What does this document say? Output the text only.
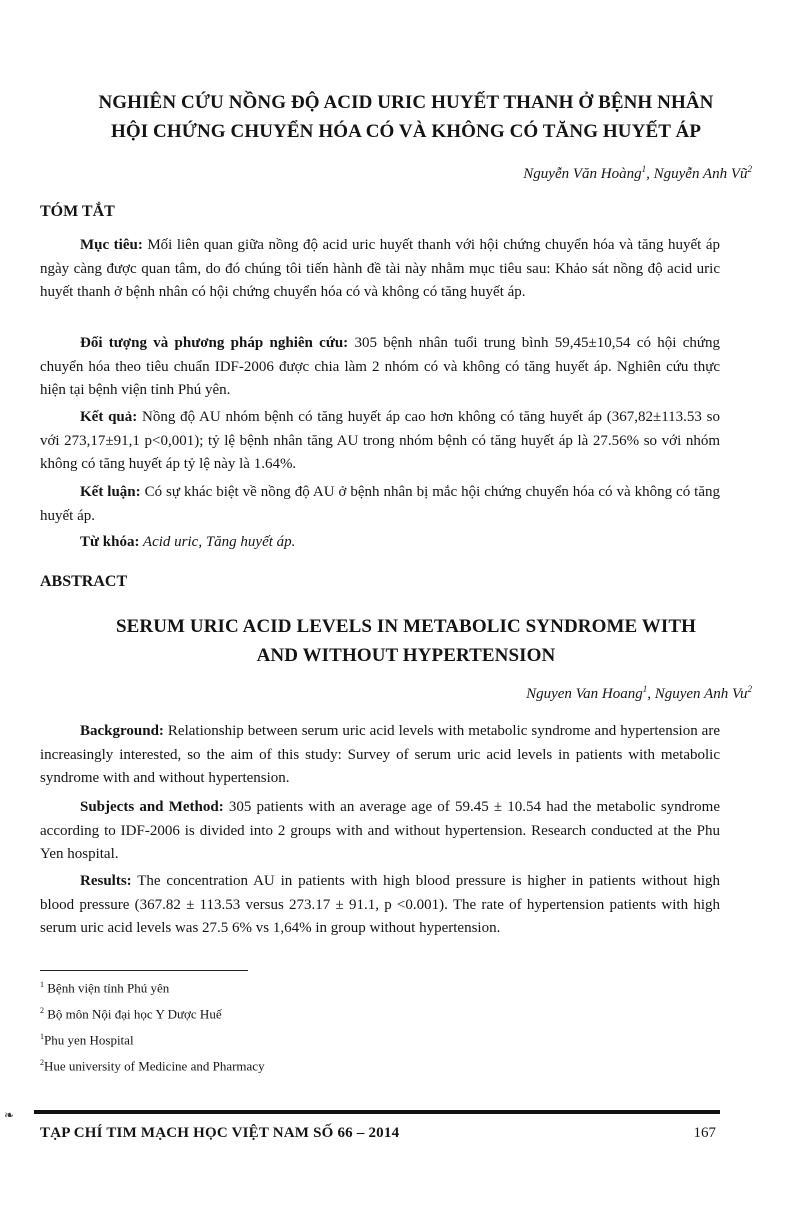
NGHIÊN CỨU NỒNG ĐỘ ACID URIC HUYẾT THANH Ở BỆNH NHÂN
HỘI CHỨNG CHUYỂN HÓA CÓ VÀ KHÔNG CÓ TĂNG HUYẾT ÁP
Nguyễn Văn Hoàng$^1$, Nguyễn Anh $Vũ^2$
TÓM TẮT
Mục tiêu: Mối liên quan giữa nồng độ acid uric huyết thanh với hội chứng chuyển hóa và tăng huyết áp ngày càng được quan tâm, do đó chúng tôi tiến hành đề tài này nhằm mục tiêu sau: Khảo sát nồng độ acid uric huyết thanh ở bệnh nhân có hội chứng chuyển hóa có và không có tăng huyết áp.
Đối tượng và phương pháp nghiên cứu: 305 bệnh nhân tuổi trung bình 59,45±10,54 có hội chứng chuyển hóa theo tiêu chuẩn IDF-2006 được chia làm 2 nhóm có và không có tăng huyết áp. Nghiên cứu thực hiện tại bệnh viện tỉnh Phú yên.
Kết quả: Nồng độ AU nhóm bệnh có tăng huyết áp cao hơn không có tăng huyết áp (367,82±113.53 so với 273,17±91,1 p<0,001); tỷ lệ bệnh nhân tăng AU trong nhóm bệnh có tăng huyết áp là 27.56% so với nhóm không có tăng huyết áp tỷ lệ này là 1.64%.
Kết luận: Có sự khác biệt về nồng độ AU ở bệnh nhân bị mắc hội chứng chuyển hóa có và không có tăng huyết áp.
Từ khóa: Acid uric, Tăng huyết áp.
ABSTRACT
SERUM URIC ACID LEVELS IN METABOLIC SYNDROME WITH
AND WITHOUT HYPERTENSION
Nguyen Van Hoang$^1$, Nguyen Anh Vu$^2$
Background: Relationship between serum uric acid levels with metabolic syndrome and hypertension are increasingly interested, so the aim of this study: Survey of serum uric acid levels in patients with metabolic syndrome with and without hypertension.
Subjects and Method: 305 patients with an average age of 59.45 ± 10.54 had the metabolic syndrome according to IDF-2006 is divided into 2 groups with and without hypertension. Research conducted at the Phu Yen hospital.
Results: The concentration AU in patients with high blood pressure is higher in patients without high blood pressure (367.82 ± 113.53 versus 273.17 ± 91.1, p <0.001). The rate of hypertension patients with high serum uric acid levels was 27.5 6% vs 1,64% in group without hypertension.
$^1$ Bệnh viện tỉnh Phú yên
$^2$ Bộ môn Nội đại học Y Dược Huế
$^1$Phu yen Hospital
$^2$Hue university of Medicine and Pharmacy
❧
TẠP CHÍ TIM MẠCH HỌC VIỆT NAM SỐ 66 – 2014	167
